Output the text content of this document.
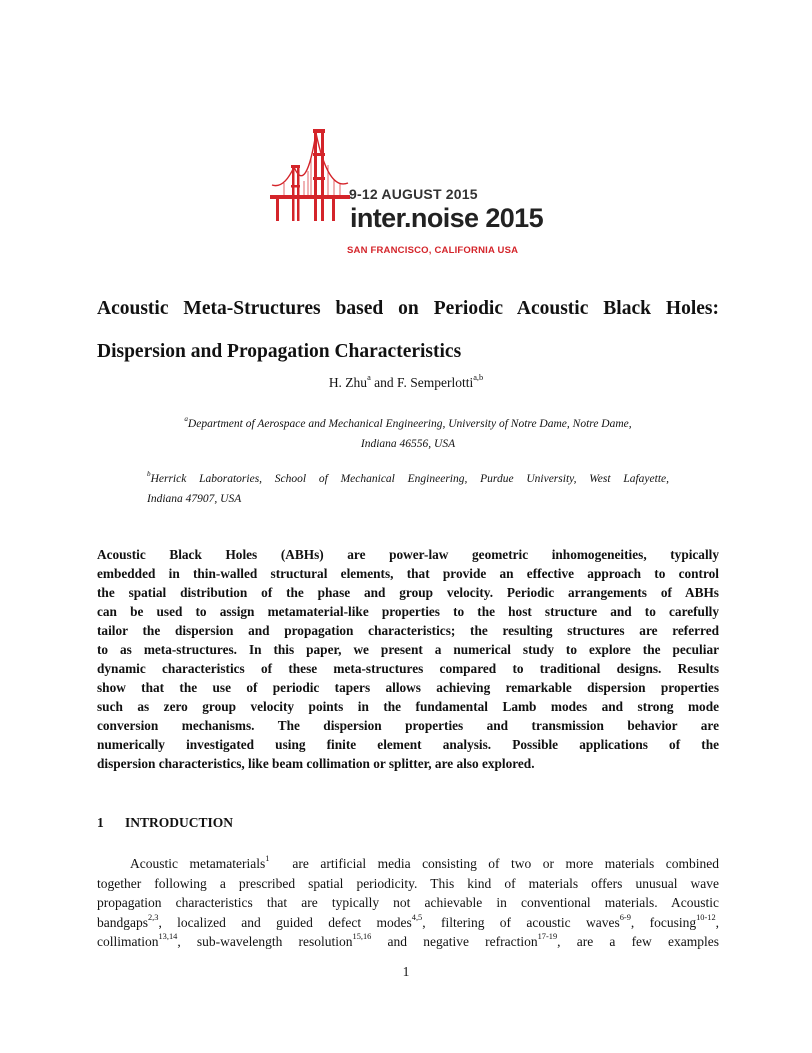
9-12 AUGUST 2015
inter.noise 2015
SAN FRANCISCO, CALIFORNIA USA
Acoustic Meta-Structures based on Periodic Acoustic Black Holes:
Dispersion and Propagation Characteristics
H. Zhu$^a$ and F. Semperlotti$^{a,b}$
$^a$Department of Aerospace and Mechanical Engineering, University of Notre Dame, Notre Dame,
Indiana 46556, USA
$^b$Herrick Laboratories, School of Mechanical Engineering, Purdue University, West Lafayette,
Indiana 47907, USA
Acoustic Black Holes (ABHs) are power-law geometric inhomogeneities, typically
embedded in thin-walled structural elements, that provide an effective approach to control
the spatial distribution of the phase and group velocity. Periodic arrangements of ABHs
can be used to assign metamaterial-like properties to the host structure and to carefully
tailor the dispersion and propagation characteristics; the resulting structures are referred
to as meta-structures. In this paper, we present a numerical study to explore the peculiar
dynamic characteristics of these meta-structures compared to traditional designs. Results
show that the use of periodic tapers allows achieving remarkable dispersion properties
such as zero group velocity points in the fundamental Lamb modes and strong mode
conversion mechanisms. The dispersion properties and transmission behavior are
numerically investigated using finite element analysis. Possible applications of the
dispersion characteristics, like beam collimation or splitter, are also explored.
1 INTRODUCTION
Acoustic metamaterials$^1$  are artificial media consisting of two or more materials combined
together following a prescribed spatial periodicity. This kind of materials offers unusual wave
propagation characteristics that are typically not achievable in conventional materials. Acoustic
bandgaps$^{2,3}$, localized and guided defect modes$^{4,5}$, filtering of acoustic waves$^{6-9}$, focusing$^{10-12}$,
collimation$^{13,14}$, sub-wavelength resolution$^{15,16}$ and negative refraction$^{17-19}$, are a few examples
1
